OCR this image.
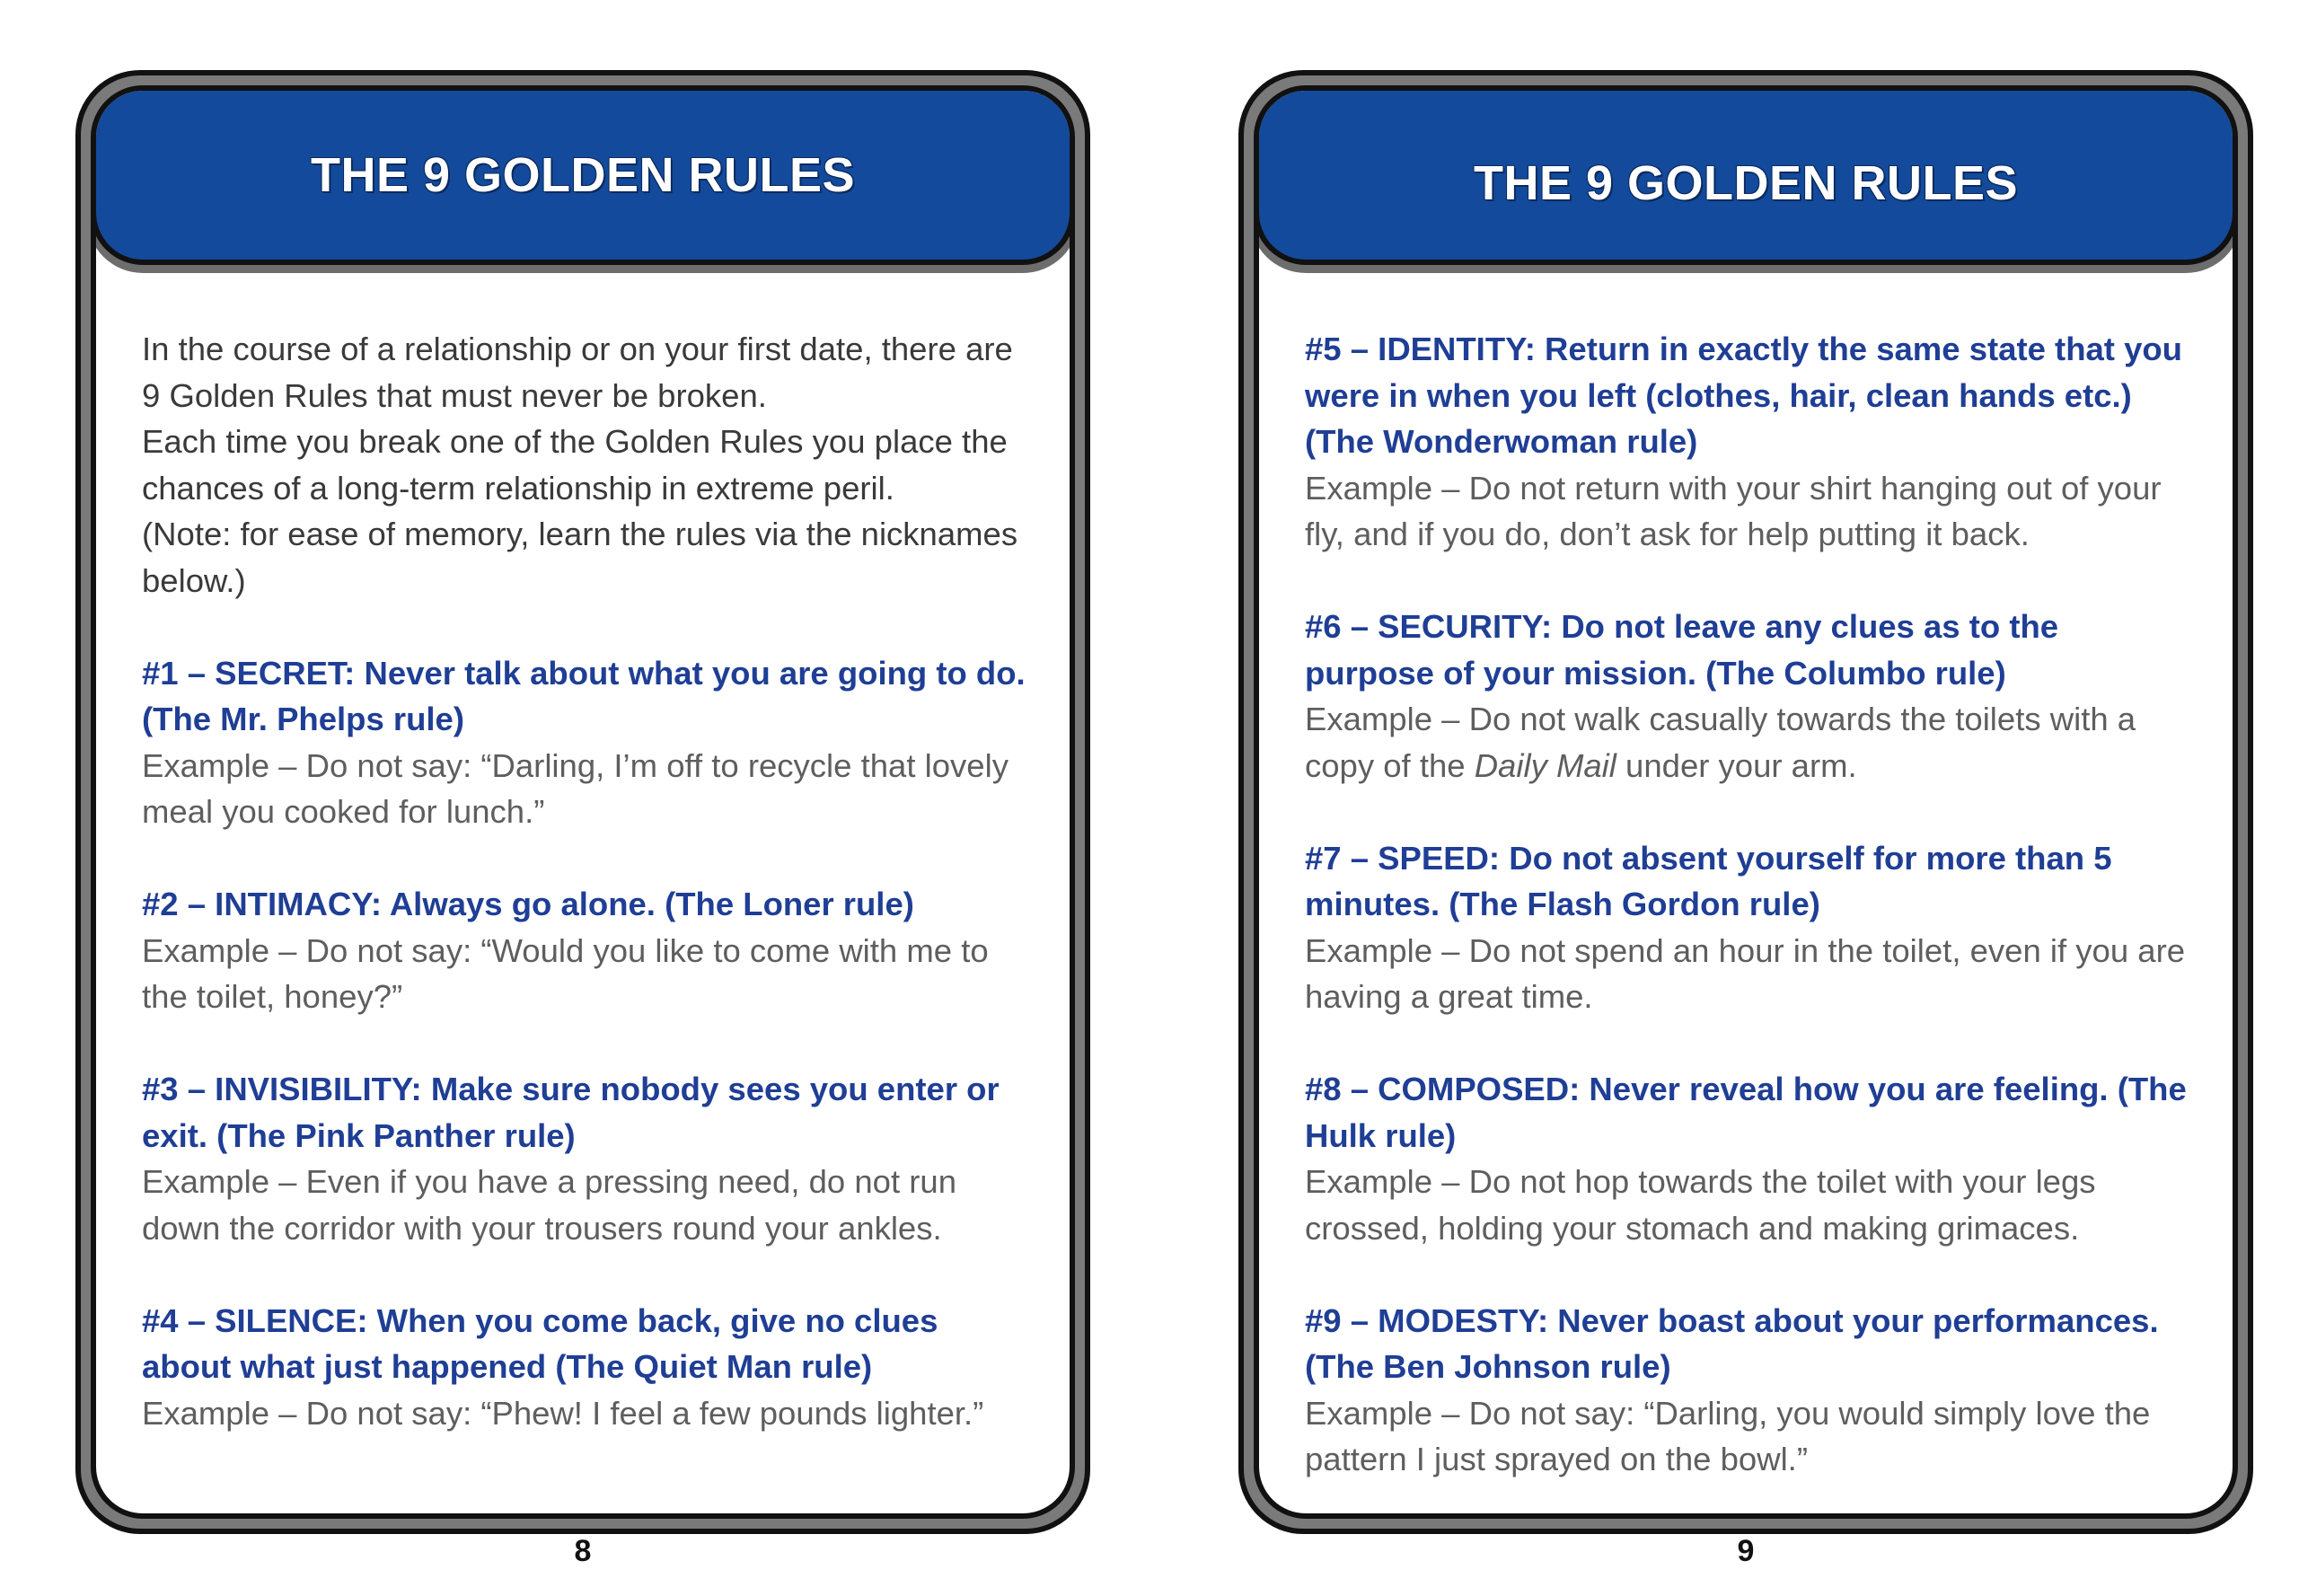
THE 9 GOLDEN RULES

In the course of a relationship or on your first date, there are 9 Golden Rules that must never be broken.
Each time you break one of the Golden Rules you place the chances of a long-term relationship in extreme peril.
(Note: for ease of memory, learn the rules via the nicknames below.)

#1 – SECRET: Never talk about what you are going to do.
(The Mr. Phelps rule)
Example – Do not say: “Darling, I’m off to recycle that lovely meal you cooked for lunch.”

#2 – INTIMACY: Always go alone. (The Loner rule)
Example – Do not say: “Would you like to come with me to the toilet, honey?”

#3 – INVISIBILITY: Make sure nobody sees you enter or exit. (The Pink Panther rule)
Example – Even if you have a pressing need, do not run down the corridor with your trousers round your ankles.

#4 – SILENCE: When you come back, give no clues about what just happened (The Quiet Man rule)
Example – Do not say: “Phew! I feel a few pounds lighter.”

8
THE 9 GOLDEN RULES

#5 – IDENTITY: Return in exactly the same state that you were in when you left (clothes, hair, clean hands etc.) (The Wonderwoman rule)
Example – Do not return with your shirt hanging out of your fly, and if you do, don’t ask for help putting it back.

#6 – SECURITY: Do not leave any clues as to the purpose of your mission. (The Columbo rule)
Example – Do not walk casually towards the toilets with a copy of the Daily Mail under your arm.

#7 – SPEED: Do not absent yourself for more than 5 minutes. (The Flash Gordon rule)
Example – Do not spend an hour in the toilet, even if you are having a great time.

#8 – COMPOSED: Never reveal how you are feeling. (The Hulk rule)
Example – Do not hop towards the toilet with your legs crossed, holding your stomach and making grimaces.

#9 – MODESTY: Never boast about your performances. (The Ben Johnson rule)
Example – Do not say: “Darling, you would simply love the pattern I just sprayed on the bowl.”

9
